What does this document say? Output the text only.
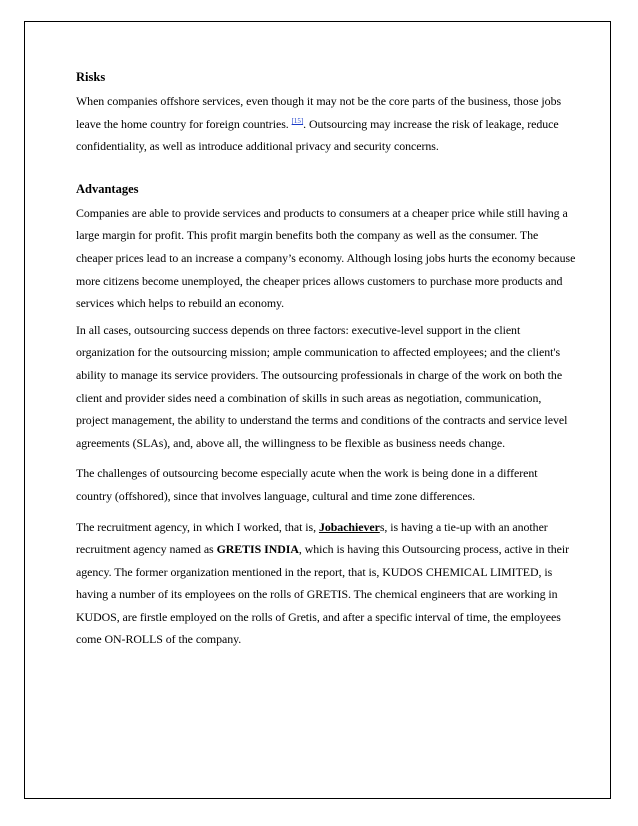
Risks

When companies offshore services, even though it may not be the core parts of the business, those jobs leave the home country for foreign countries. [15]. Outsourcing may increase the risk of leakage, reduce confidentiality, as well as introduce additional privacy and security concerns.

Advantages

Companies are able to provide services and products to consumers at a cheaper price while still having a large margin for profit. This profit margin benefits both the company as well as the consumer. The cheaper prices lead to an increase a company’s economy. Although losing jobs hurts the economy because more citizens become unemployed, the cheaper prices allows customers to purchase more products and services which helps to rebuild an economy.

In all cases, outsourcing success depends on three factors: executive-level support in the client organization for the outsourcing mission; ample communication to affected employees; and the client's ability to manage its service providers. The outsourcing professionals in charge of the work on both the client and provider sides need a combination of skills in such areas as negotiation, communication, project management, the ability to understand the terms and conditions of the contracts and service level agreements (SLAs), and, above all, the willingness to be flexible as business needs change.

The challenges of outsourcing become especially acute when the work is being done in a different country (offshored), since that involves language, cultural and time zone differences.

The recruitment agency, in which I worked, that is, Jobachievers, is having a tie-up with an another recruitment agency named as GRETIS INDIA, which is having this Outsourcing process, active in their agency. The former organization mentioned in the report, that is, KUDOS CHEMICAL LIMITED, is having a number of its employees on the rolls of GRETIS. The chemical engineers that are working in KUDOS, are firstle employed on the rolls of Gretis, and after a specific interval of time, the employees come ON-ROLLS of the company.
